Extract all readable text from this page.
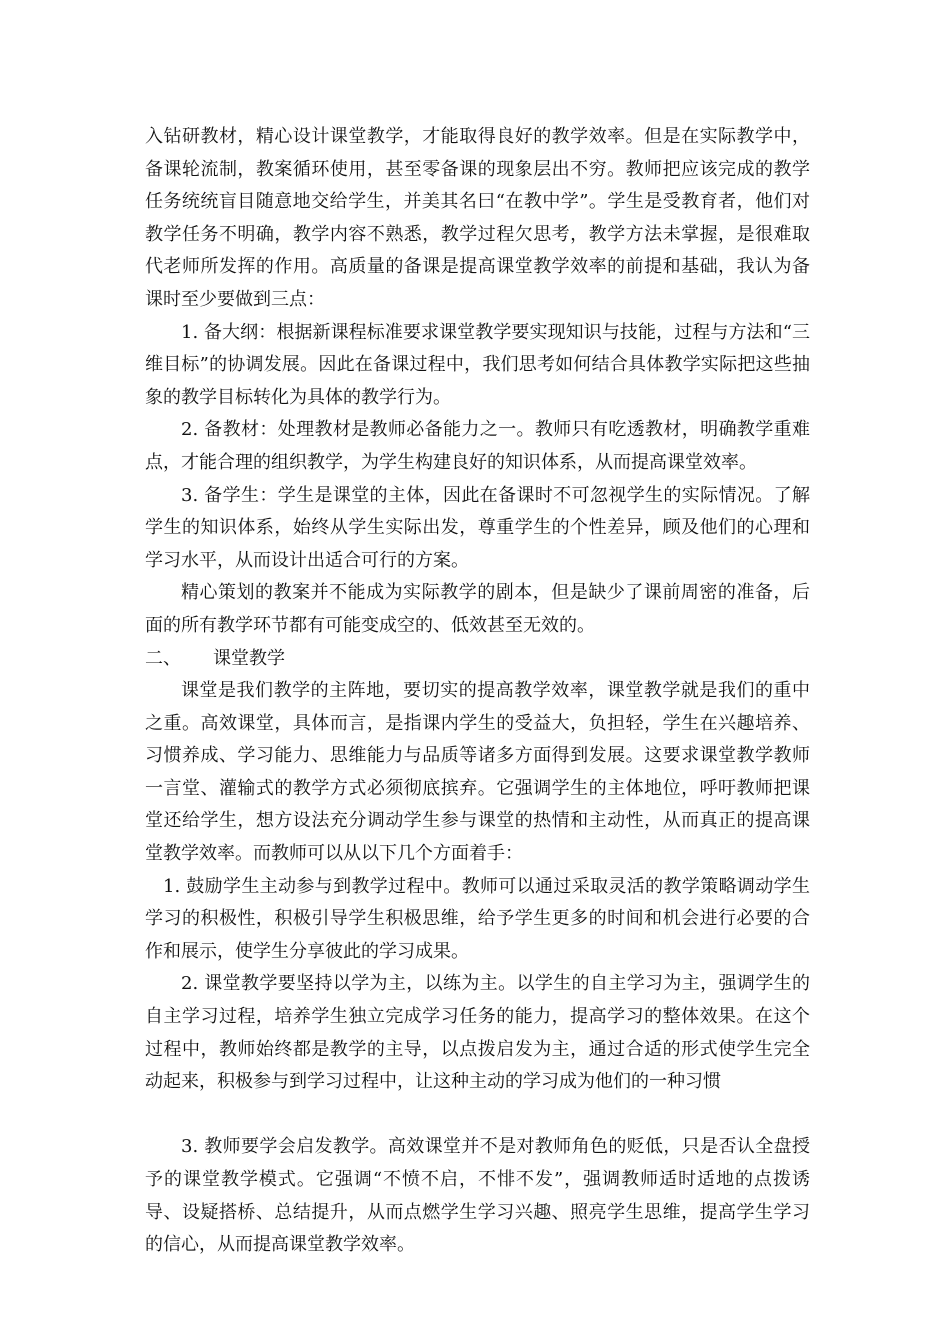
入钻研教材，精心设计课堂教学，才能取得良好的教学效率。但是在实际教学中，备课轮流制，教案循环使用，甚至零备课的现象层出不穷。教师把应该完成的教学任务统统盲目随意地交给学生，并美其名曰“在教中学”。学生是受教育者，他们对教学任务不明确，教学内容不熟悉，教学过程欠思考，教学方法未掌握，是很难取代老师所发挥的作用。高质量的备课是提高课堂教学效率的前提和基础，我认为备课时至少要做到三点：

1. 备大纲：根据新课程标准要求课堂教学要实现知识与技能，过程与方法和“三维目标”的协调发展。因此在备课过程中，我们思考如何结合具体教学实际把这些抽象的教学目标转化为具体的教学行为。

2. 备教材：处理教材是教师必备能力之一。教师只有吃透教材，明确教学重难点，才能合理的组织教学，为学生构建良好的知识体系，从而提高课堂效率。

3. 备学生：学生是课堂的主体，因此在备课时不可忽视学生的实际情况。了解学生的知识体系，始终从学生实际出发，尊重学生的个性差异，顾及他们的心理和学习水平，从而设计出适合可行的方案。

精心策划的教案并不能成为实际教学的剧本，但是缺少了课前周密的准备，后面的所有教学环节都有可能变成空的、低效甚至无效的。

二、	课堂教学

课堂是我们教学的主阵地，要切实的提高教学效率，课堂教学就是我们的重中之重。高效课堂，具体而言，是指课内学生的受益大，负担轻，学生在兴趣培养、习惯养成、学习能力、思维能力与品质等诸多方面得到发展。这要求课堂教学教师一言堂、灌输式的教学方式必须彻底摈弃。它强调学生的主体地位，呼吁教师把课堂还给学生，想方设法充分调动学生参与课堂的热情和主动性，从而真正的提高课堂教学效率。而教师可以从以下几个方面着手：

1. 鼓励学生主动参与到教学过程中。教师可以通过采取灵活的教学策略调动学生学习的积极性，积极引导学生积极思维，给予学生更多的时间和机会进行必要的合作和展示，使学生分享彼此的学习成果。

2. 课堂教学要坚持以学为主，以练为主。以学生的自主学习为主，强调学生的自主学习过程，培养学生独立完成学习任务的能力，提高学习的整体效果。在这个过程中，教师始终都是教学的主导，以点拨启发为主，通过合适的形式使学生完全动起来，积极参与到学习过程中，让这种主动的学习成为他们的一种习惯

3. 教师要学会启发教学。高效课堂并不是对教师角色的贬低，只是否认全盘授予的课堂教学模式。它强调“不愤不启，不悱不发”，强调教师适时适地的点拨诱导、设疑搭桥、总结提升，从而点燃学生学习兴趣、照亮学生思维，提高学生学习的信心，从而提高课堂教学效率。
